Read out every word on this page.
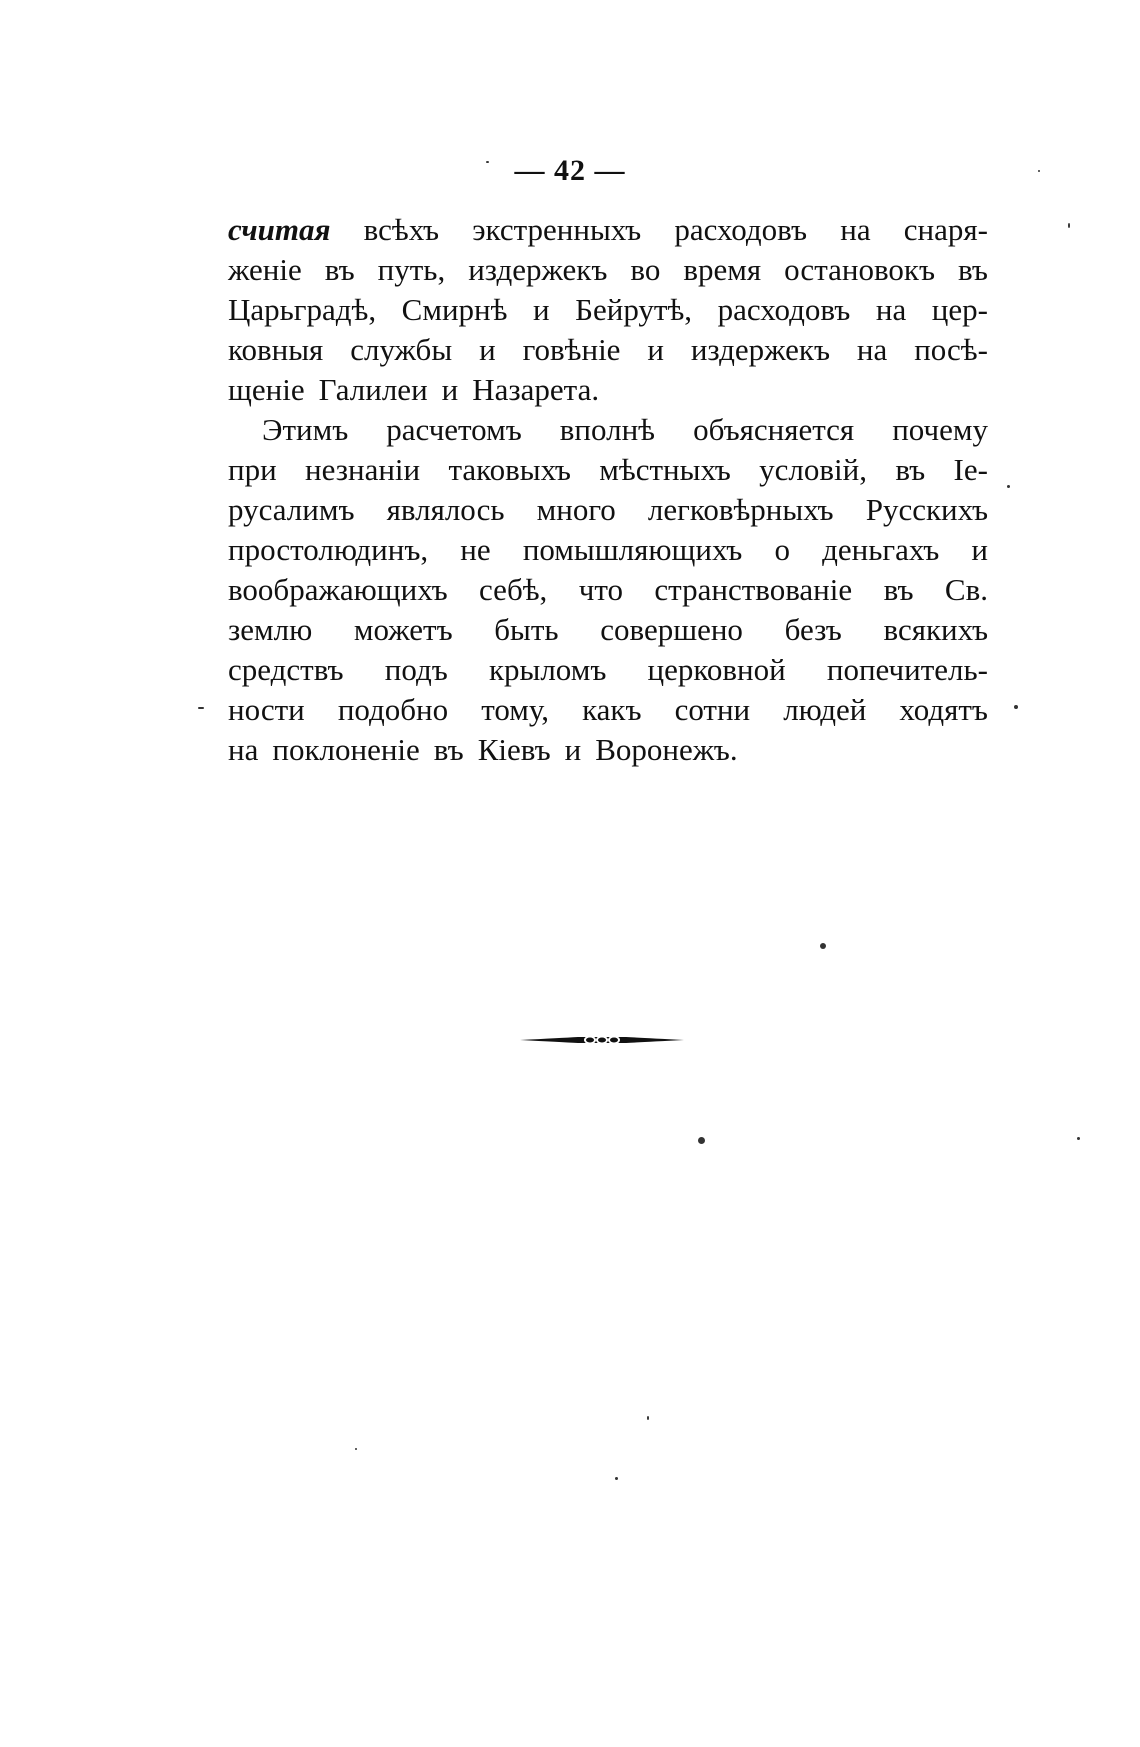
— 42 —
считая всѣхъ экстренныхъ расходовъ на снаря-
женіе въ путь, издержекъ во время остановокъ въ
Царьградѣ, Смирнѣ и Бейрутѣ, расходовъ на цер-
ковныя службы и говѣніе и издержекъ на посѣ-
щеніе Галилеи и Назарета.
Этимъ расчетомъ вполнѣ объясняется почему
при незнаніи таковыхъ мѣстныхъ условій, въ Іе-
русалимъ являлось много легковѣрныхъ Русскихъ
простолюдинъ, не помышляющихъ о деньгахъ и
воображающихъ себѣ, что странствованіе въ Св.
землю можетъ быть совершено безъ всякихъ
средствъ подъ крыломъ церковной попечитель-
ности подобно тому, какъ сотни людей ходятъ
на поклоненіе въ Кіевъ и Воронежъ.
